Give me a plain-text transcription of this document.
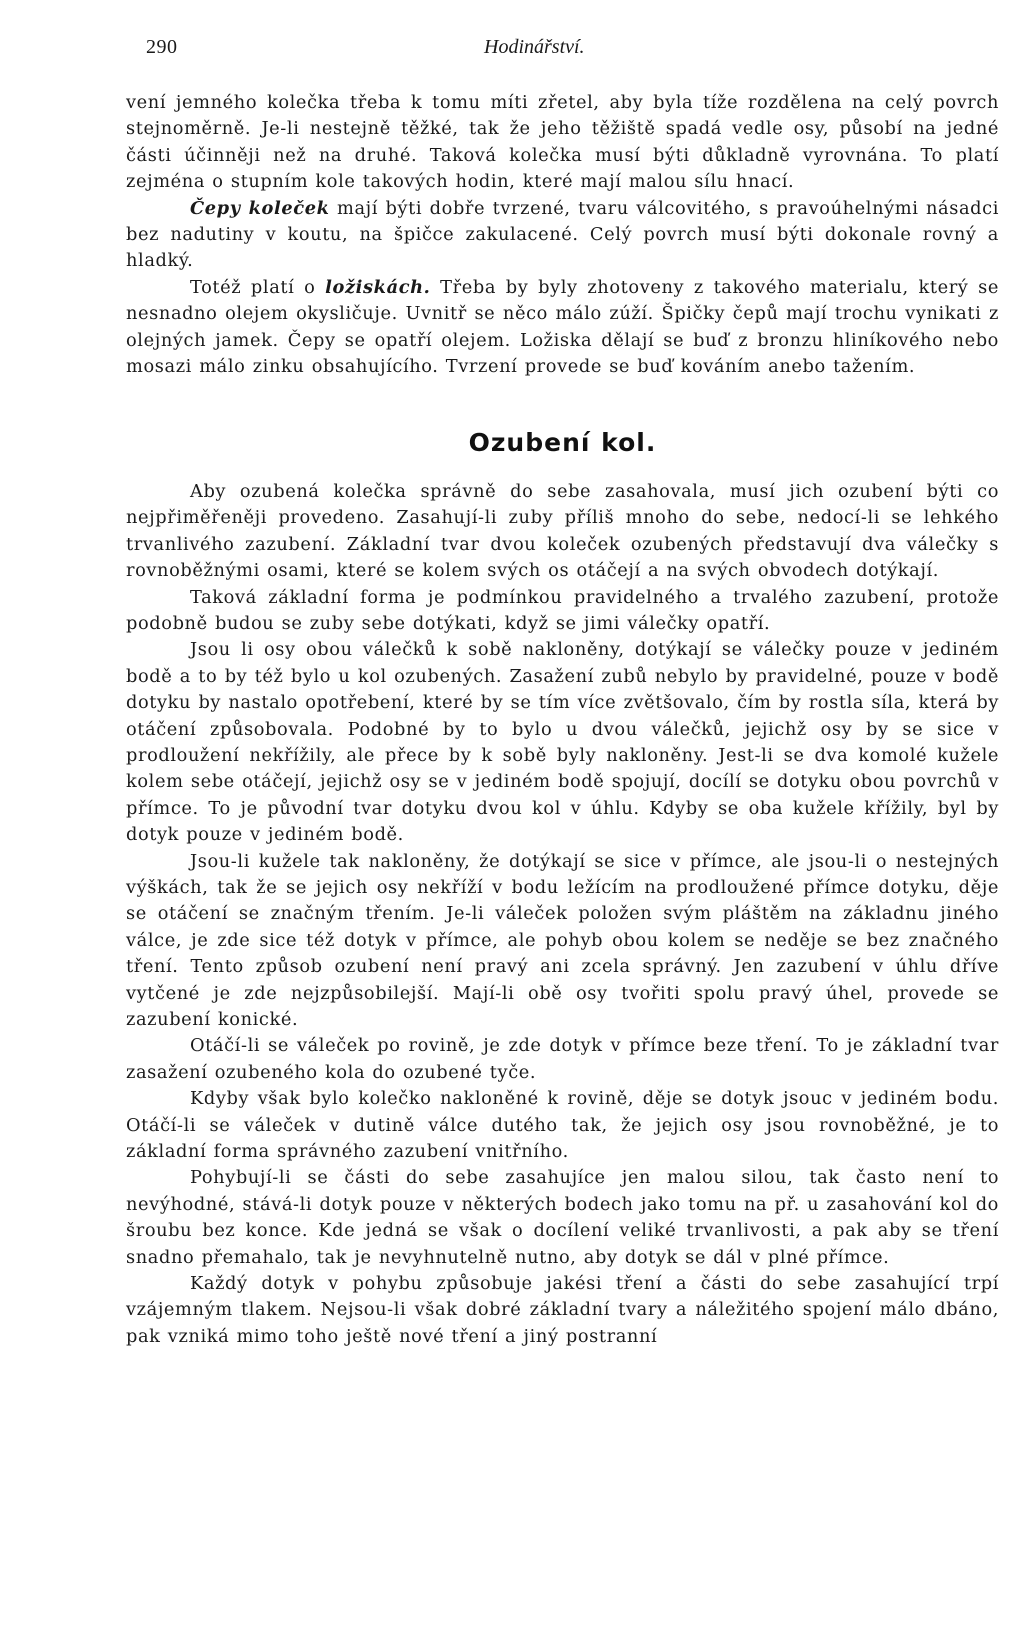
290	Hodinářství.

vení jemného kolečka třeba k tomu míti zřetel, aby byla tíže rozdělena na celý povrch stejnoměrně. Je-li nestejně těžké, tak že jeho těžiště spadá vedle osy, působí na jedné části účinněji než na druhé. Taková kolečka musí býti důkladně vyrovnána. To platí zejména o stupním kole takových hodin, které mají malou sílu hnací.

Čepy koleček mají býti dobře tvrzené, tvaru válcovitého, s pravoúhelnými násadci bez nadutiny v koutu, na špičce zakulacené. Celý povrch musí býti dokonale rovný a hladký.

Totéž platí o ložiskách. Třeba by byly zhotoveny z takového materialu, který se nesnadno olejem okysličuje. Uvnitř se něco málo zúží. Špičky čepů mají trochu vynikati z olejných jamek. Čepy se opatří olejem. Ložiska dělají se buď z bronzu hliníkového nebo mosazi málo zinku obsahujícího. Tvrzení provede se buď kováním anebo tažením.

Ozubení kol.

Aby ozubená kolečka správně do sebe zasahovala, musí jich ozubení býti co nejpřiměřeněji provedeno. Zasahují-li zuby příliš mnoho do sebe, nedocí-li se lehkého trvanlivého zazubení. Základní tvar dvou koleček ozubených představují dva válečky s rovnoběžnými osami, které se kolem svých os otáčejí a na svých obvodech dotýkají.

Taková základní forma je podmínkou pravidelného a trvalého zazubení, protože podobně budou se zuby sebe dotýkati, když se jimi válečky opatří.

Jsou li osy obou válečků k sobě nakloněny, dotýkají se válečky pouze v jediném bodě a to by též bylo u kol ozubených. Zasažení zubů nebylo by pravidelné, pouze v bodě dotyku by nastalo opotřebení, které by se tím více zvětšovalo, čím by rostla síla, která by otáčení způsobovala. Podobné by to bylo u dvou válečků, jejichž osy by se sice v prodloužení nekřížily, ale přece by k sobě byly nakloněny. Jest-li se dva komolé kužele kolem sebe otáčejí, jejichž osy se v jediném bodě spojují, docílí se dotyku obou povrchů v přímce. To je původní tvar dotyku dvou kol v úhlu. Kdyby se oba kužele křížily, byl by dotyk pouze v jediném bodě.

Jsou-li kužele tak nakloněny, že dotýkají se sice v přímce, ale jsou-li o nestejných výškách, tak že se jejich osy nekříží v bodu ležícím na prodloužené přímce dotyku, děje se otáčení se značným třením. Je-li váleček položen svým pláštěm na základnu jiného válce, je zde sice též dotyk v přímce, ale pohyb obou kolem se neděje se bez značného tření. Tento způsob ozubení není pravý ani zcela správný. Jen zazubení v úhlu dříve vytčené je zde nejzpůsobilejší. Mají-li obě osy tvořiti spolu pravý úhel, provede se zazubení konické.

Otáčí-li se váleček po rovině, je zde dotyk v přímce beze tření. To je základní tvar zasažení ozubeného kola do ozubené tyče.

Kdyby však bylo kolečko nakloněné k rovině, děje se dotyk jsouc v jediném bodu. Otáčí-li se váleček v dutině válce dutého tak, že jejich osy jsou rovnoběžné, je to základní forma správného zazubení vnitřního.

Pohybují-li se části do sebe zasahujíce jen malou silou, tak často není to nevýhodné, stává-li dotyk pouze v některých bodech jako tomu na př. u zasahování kol do šroubu bez konce. Kde jedná se však o docílení veliké trvanlivosti, a pak aby se tření snadno přemahalo, tak je nevyhnutelně nutno, aby dotyk se dál v plné přímce.

Každý dotyk v pohybu způsobuje jakési tření a části do sebe zasahující trpí vzájemným tlakem. Nejsou-li však dobré základní tvary a náležitého spojení málo dbáno, pak vzniká mimo toho ještě nové tření a jiný postranní
